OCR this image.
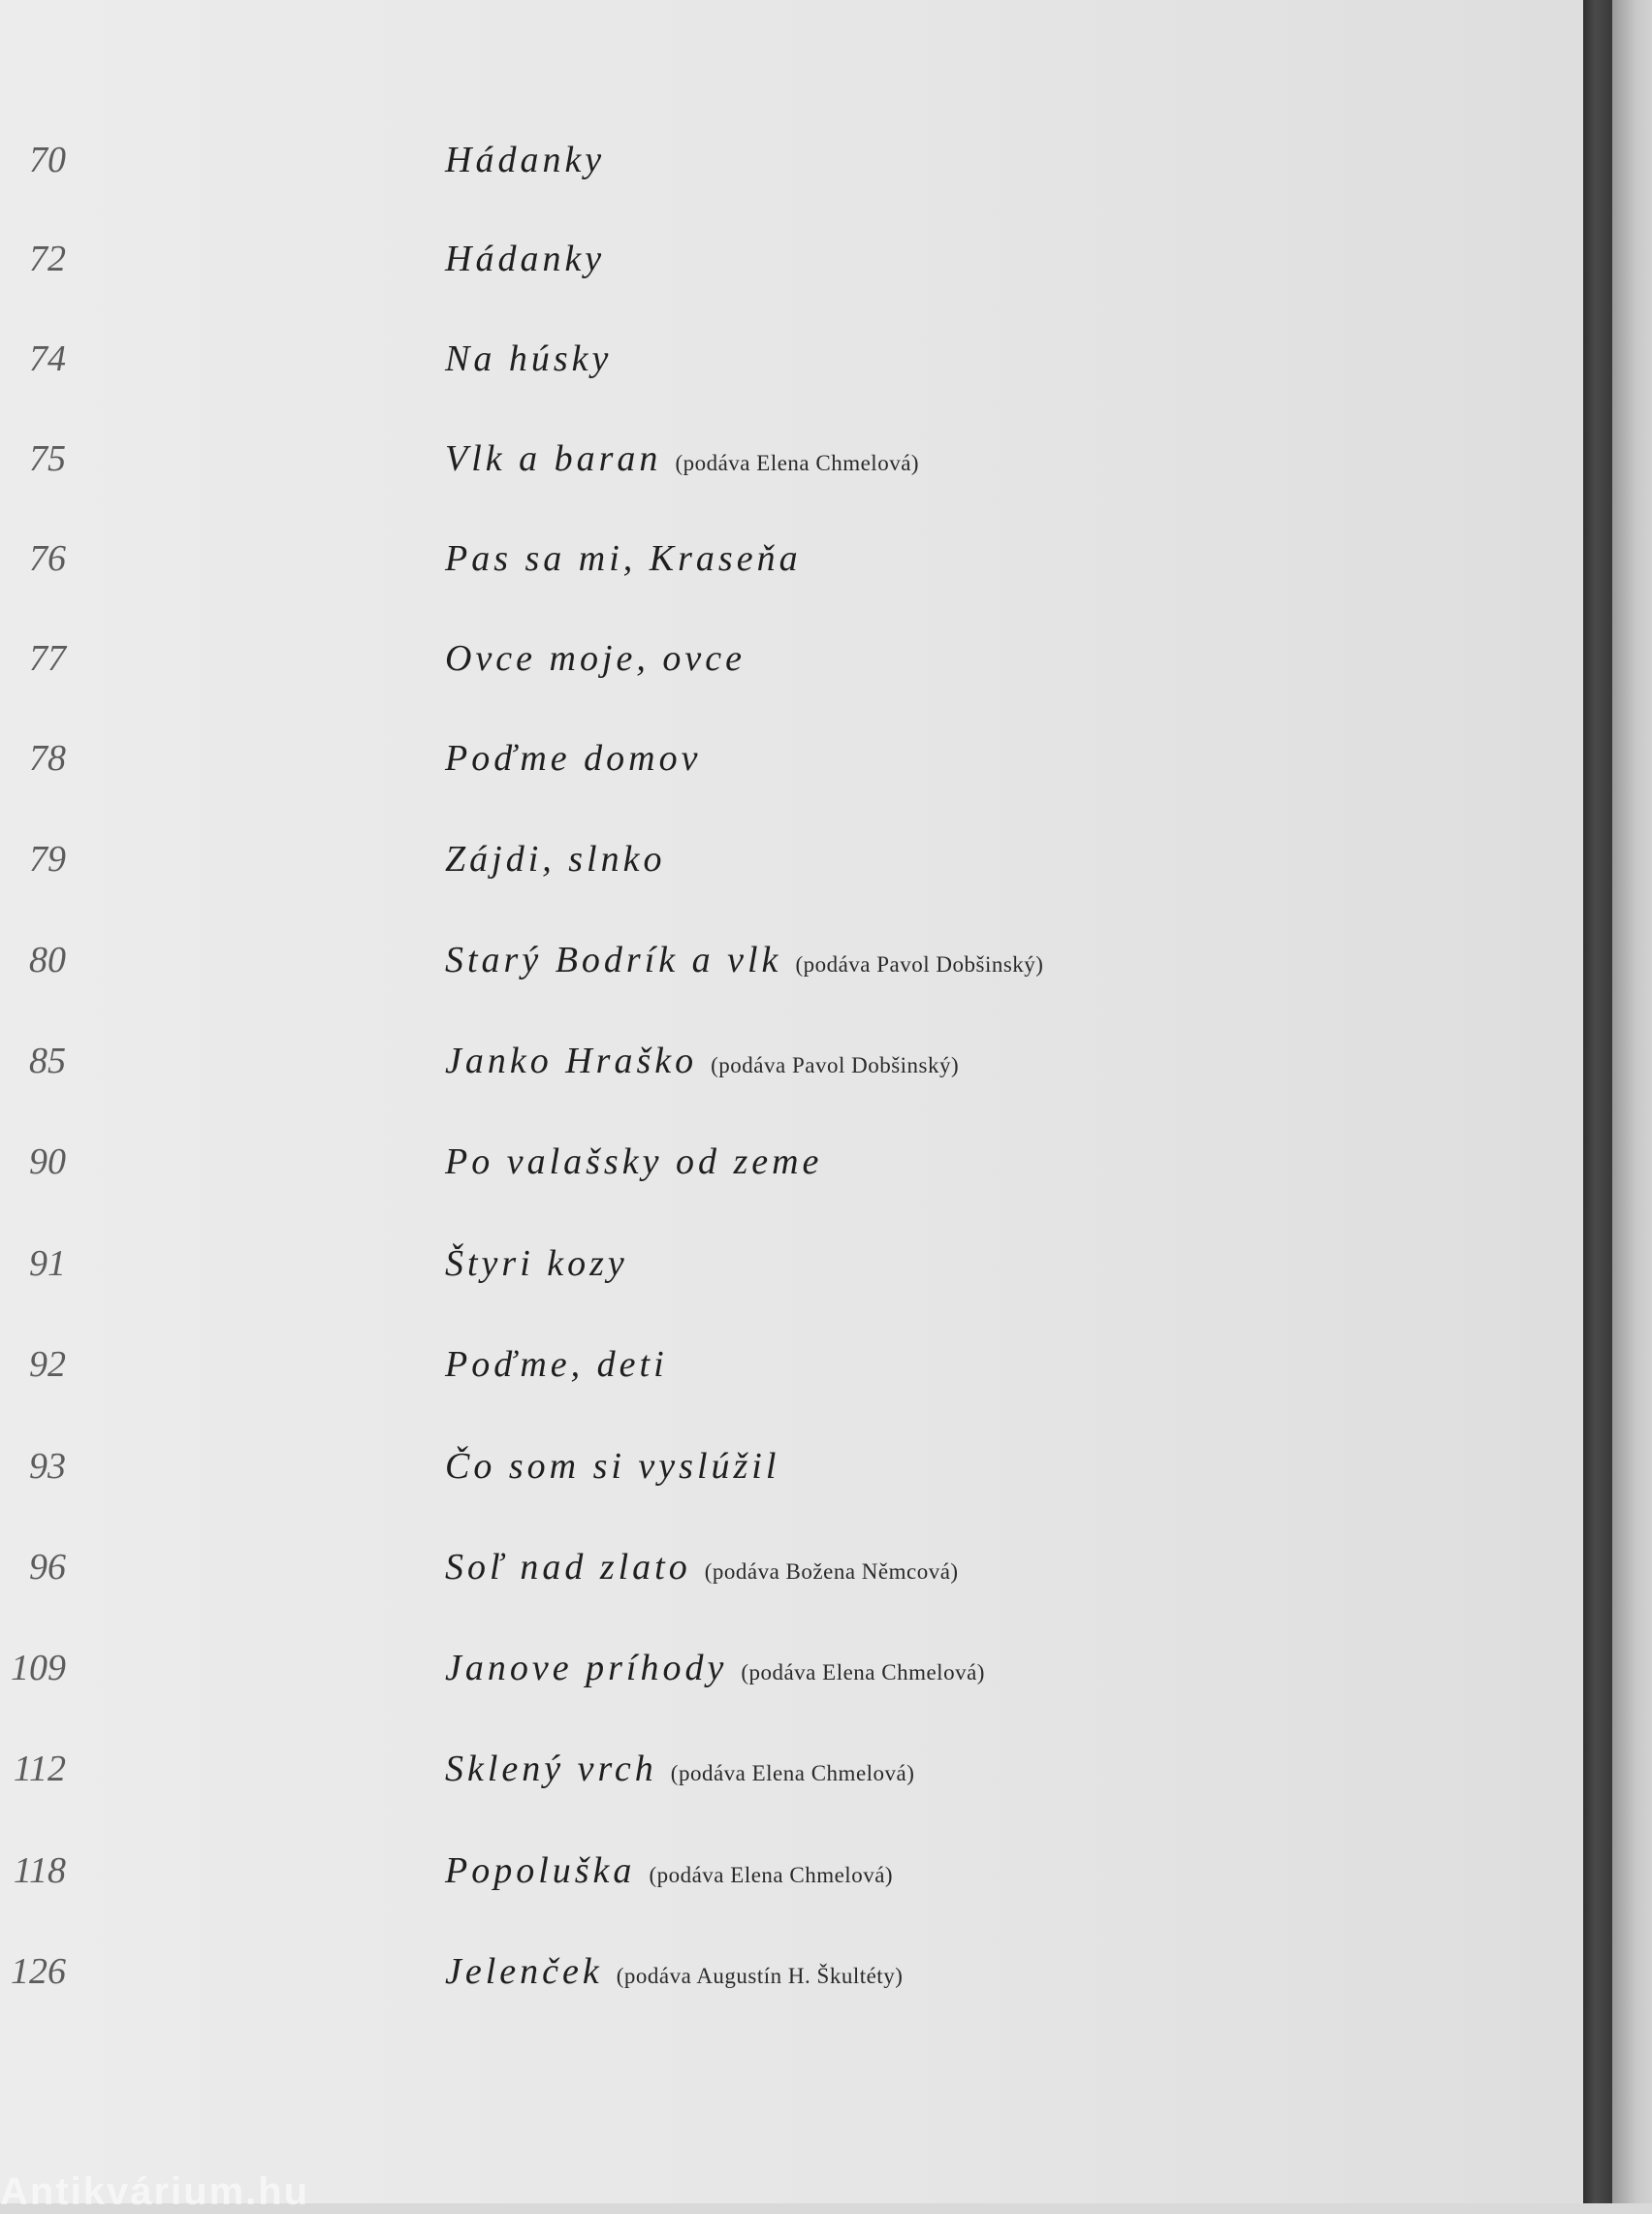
70	Hádanky
72	Hádanky
74	Na húsky
75	Vlk a baran (podáva Elena Chmelová)
76	Pas sa mi, Kraseňa
77	Ovce moje, ovce
78	Poďme domov
79	Zájdi, slnko
80	Starý Bodrík a vlk (podáva Pavol Dobšinský)
85	Janko Hraško (podáva Pavol Dobšinský)
90	Po valašsky od zeme
91	Štyri kozy
92	Poďme, deti
93	Čo som si vyslúžil
96	Soľ nad zlato (podáva Božena Němcová)
109	Janove príhody (podáva Elena Chmelová)
112	Sklený vrch (podáva Elena Chmelová)
118	Popoluška (podáva Elena Chmelová)
126	Jelenček (podáva Augustín H. Škultéty)
Antikvárium.hu
